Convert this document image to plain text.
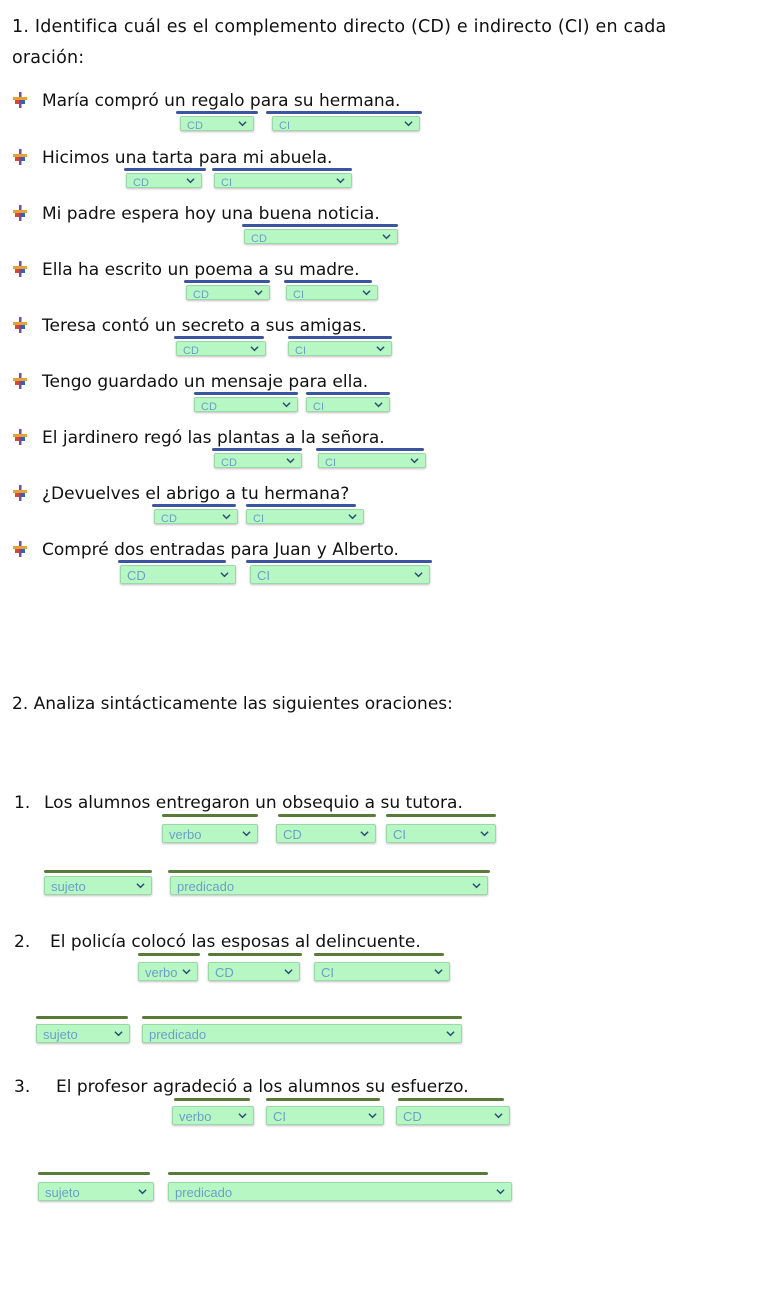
1. Identifica cuál es el complemento directo (CD) e indirecto (CI) en cada
oración:
María compró un regalo para su hermana.
CD	CI
Hicimos una tarta para mi abuela.
CD	CI
Mi padre espera hoy una buena noticia.
CD
Ella ha escrito un poema a su madre.
CD	CI
Teresa contó un secreto a sus amigas.
CD	CI
Tengo guardado un mensaje para ella.
CD	CI
El jardinero regó las plantas a la señora.
CD	CI
¿Devuelves el abrigo a tu hermana?
CD	CI
Compré dos entradas para Juan y Alberto.
CD	CI
2. Analiza sintácticamente las siguientes oraciones:
1. Los alumnos entregaron un obsequio a su tutora.
verbo	CD	CI
sujeto	predicado
2. El policía colocó las esposas al delincuente.
verbo	CD	CI
sujeto	predicado
3. El profesor agradeció a los alumnos su esfuerzo.
verbo	CI	CD
sujeto	predicado
